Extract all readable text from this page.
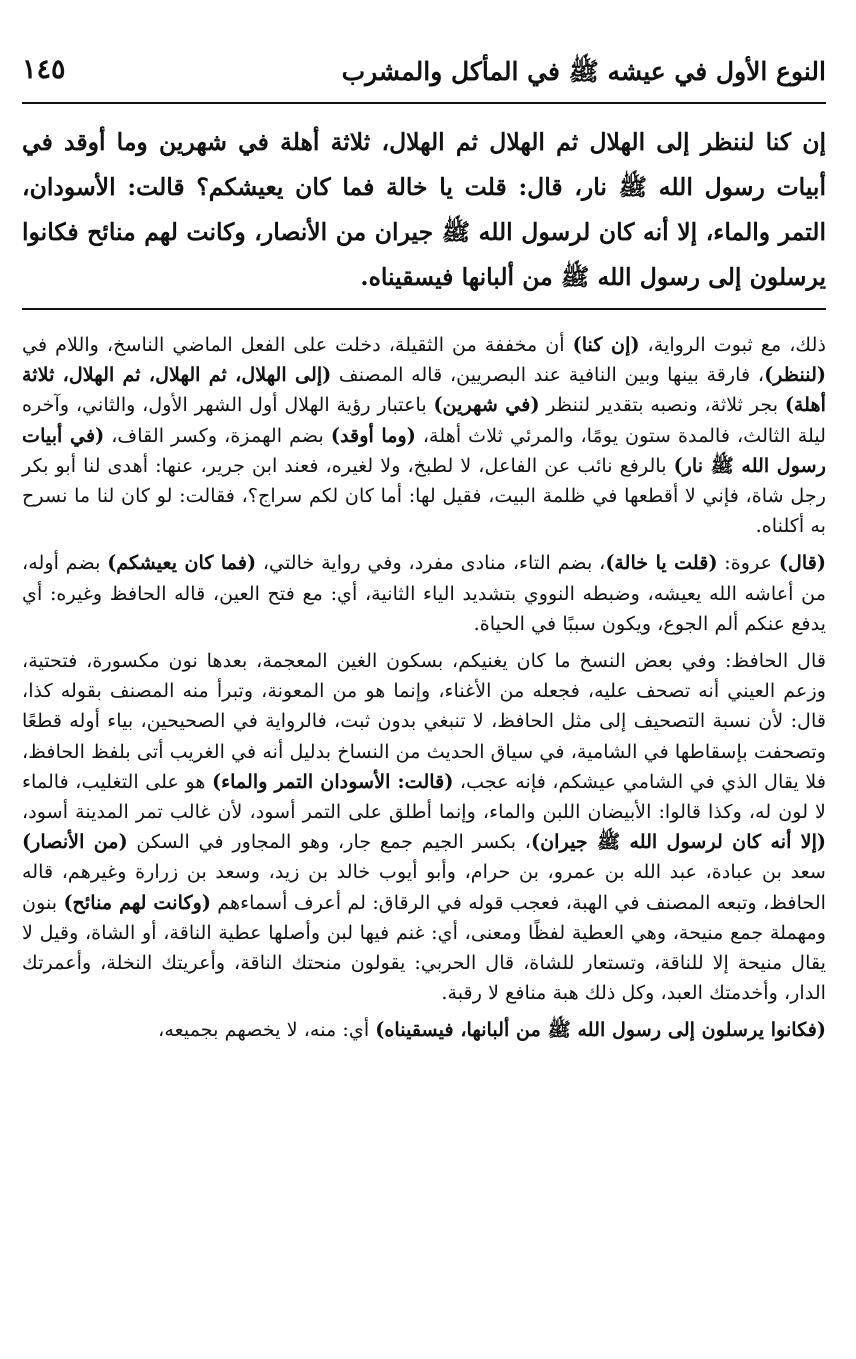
النوع الأول في عيشه ﷺ في المأكل والمشرب
١٤٥
إن كنا لننظر إلى الهلال ثم الهلال ثم الهلال، ثلاثة أهلة في شهرين وما أوقد في أبيات رسول الله ﷺ نار، قال: قلت يا خالة فما كان يعيشكم؟ قالت: الأسودان، التمر والماء، إلا أنه كان لرسول الله ﷺ جيران من الأنصار، وكانت لهم منائح فكانوا يرسلون إلى رسول الله ﷺ من ألبانها فيسقيناه.

ذلك، مع ثبوت الرواية، (إن كنا) أن مخففة من الثقيلة، دخلت على الفعل الماضي الناسخ، واللام في (لننظر)، فارقة بينها وبين النافية عند البصريين، قاله المصنف (إلى الهلال، ثم الهلال، ثم الهلال، ثلاثة أهلة) بجر ثلاثة، ونصبه بتقدير لننظر (في شهرين) باعتبار رؤية الهلال أول الشهر الأول، والثاني، وآخره ليلة الثالث، فالمدة ستون يومًا، والمرئي ثلاث أهلة، (وما أوقد) بضم الهمزة، وكسر القاف، (في أبيات رسول الله ﷺ نار) بالرفع نائب عن الفاعل، لا لطبخ، ولا لغيره، فعند ابن جرير، عنها: أهدى لنا أبو بكر رجل شاة، فإني لا أقطعها في ظلمة البيت، فقيل لها: أما كان لكم سراج؟، فقالت: لو كان لنا ما نسرح به أكلناه.

(قال) عروة: (قلت يا خالة)، بضم التاء، منادى مفرد، وفي رواية خالتي، (فما كان يعيشكم) بضم أوله، من أعاشه الله يعيشه، وضبطه النووي بتشديد الياء الثانية، أي: مع فتح العين، قاله الحافظ وغيره: أي يدفع عنكم ألم الجوع، ويكون سببًا في الحياة.

قال الحافظ: وفي بعض النسخ ما كان يغنيكم، بسكون الغين المعجمة، بعدها نون مكسورة، فتحتية، وزعم العيني أنه تصحف عليه، فجعله من الأغناء، وإنما هو من المعونة، وتبرأ منه المصنف بقوله كذا، قال: لأن نسبة التصحيف إلى مثل الحافظ، لا تنبغي بدون ثبت، فالرواية في الصحيحين، بياء أوله قطعًا وتصحفت بإسقاطها في الشامية، في سياق الحديث من النساخ بدليل أنه في الغريب أتى بلفظ الحافظ، فلا يقال الذي في الشامي عيشكم، فإنه عجب، (قالت: الأسودان التمر والماء) هو على التغليب، فالماء لا لون له، وكذا قالوا: الأبيضان اللبن والماء، وإنما أطلق على التمر أسود، لأن غالب تمر المدينة أسود، (إلا أنه كان لرسول الله ﷺ جيران)، بكسر الجيم جمع جار، وهو المجاور في السكن (من الأنصار) سعد بن عبادة، عبد الله بن عمرو، بن حرام، وأبو أيوب خالد بن زيد، وسعد بن زرارة وغيرهم، قاله الحافظ، وتبعه المصنف في الهبة، فعجب قوله في الرقاق: لم أعرف أسماءهم (وكانت لهم منائح) بنون ومهملة جمع منيحة، وهي العطية لفظًا ومعنى، أي: غنم فيها لبن وأصلها عطية الناقة، أو الشاة، وقيل لا يقال منيحة إلا للناقة، وتستعار للشاة، قال الحربي: يقولون منحتك الناقة، وأعريتك النخلة، وأعمرتك الدار، وأخدمتك العبد، وكل ذلك هبة منافع لا رقبة.

(فكانوا يرسلون إلى رسول الله ﷺ من ألبانها، فيسقيناه) أي: منه، لا يخصهم بجميعه،
